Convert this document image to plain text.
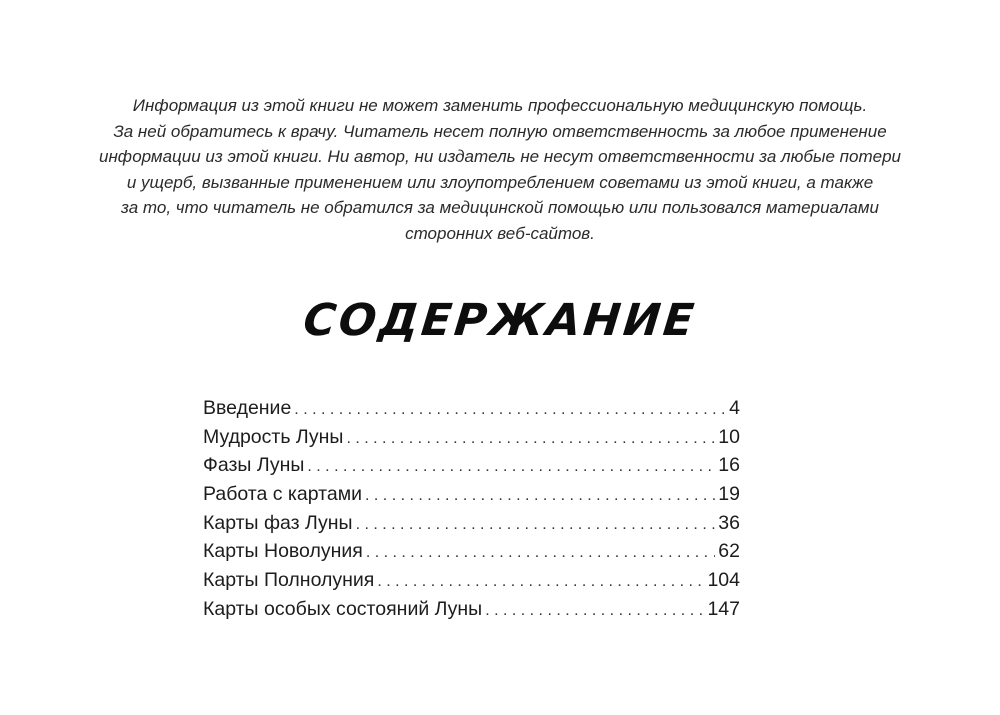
Информация из этой книги не может заменить профессиональную медицинскую помощь.
За ней обратитесь к врачу. Читатель несет полную ответственность за любое применение
информации из этой книги. Ни автор, ни издатель не несут ответственности за любые потери
и ущерб, вызванные применением или злоупотреблением советами из этой книги, а также
за то, что читатель не обратился за медицинской помощью или пользовался материалами
сторонних веб-сайтов.
СОДЕРЖАНИЕ
Введение . . .	4
Мудрость Луны . . .	10
Фазы Луны . . .	16
Работа с картами . . .	19
Карты фаз Луны . . .	36
Карты Новолуния . . .	62
Карты Полнолуния . . .	104
Карты особых состояний Луны . . .	147
